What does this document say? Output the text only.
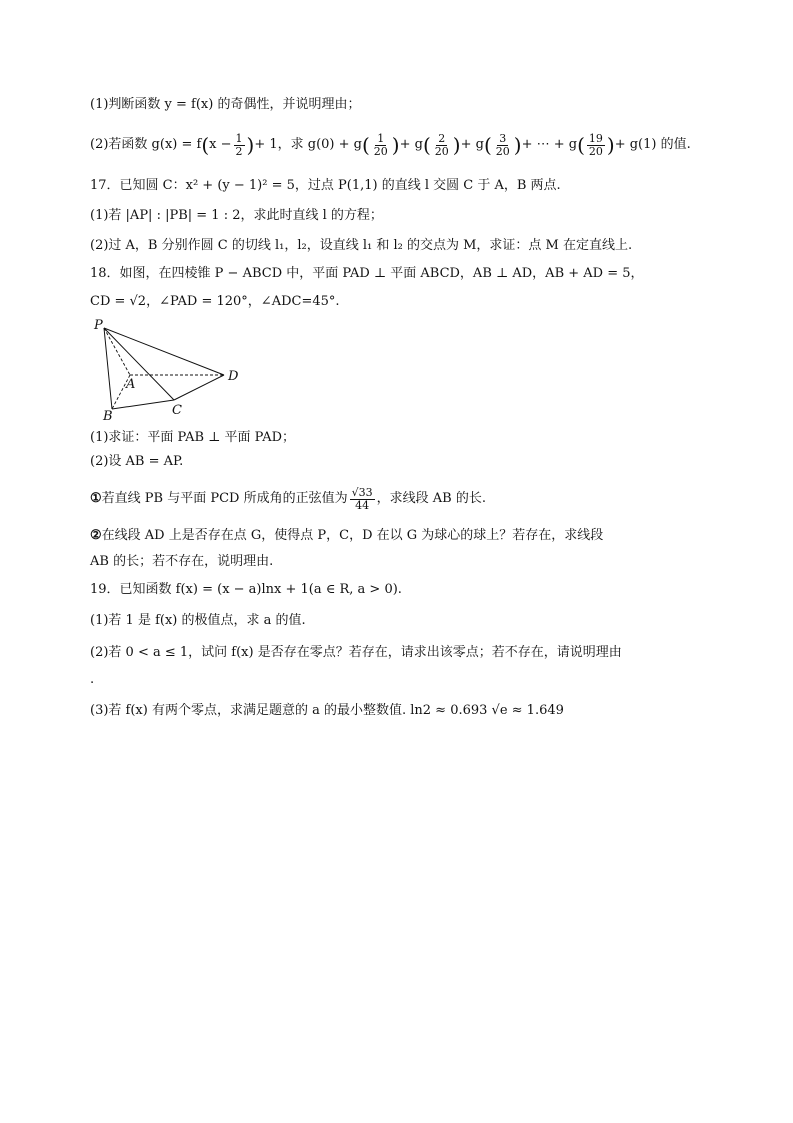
(1)判断函数 y = f(x) 的奇偶性，并说明理由；
(2)若函数 g(x) = f ( $x - \frac{1}{2}$ ) + 1，求 g(0) + g ( $\frac{1}{20}$ ) + g ( $\frac{2}{20}$ ) + g ( $\frac{3}{20}$ ) + ⋯ + g ( $\frac{19}{20}$ ) + g(1) 的值.
17．已知圆 C：x² + (y − 1)² = 5，过点 P(1,1) 的直线 l 交圆 C 于 A，B 两点.
(1)若 |AP| : |PB| = 1 : 2，求此时直线 l 的方程；
(2)过 A，B 分别作圆 C 的切线 l₁，l₂，设直线 l₁ 和 l₂ 的交点为 M，求证：点 M 在定直线上.
18．如图，在四棱锥 P − ABCD 中，平面 PAD ⊥ 平面 ABCD，AB ⊥ AD，AB + AD = 5，
CD = √2，∠PAD = 120°，∠ADC=45°.
P
A
B	C
D
(1)求证：平面 PAB ⊥ 平面 PAD；
(2)设 AB = AP.
① 若直线 PB 与平面 PCD 所成角的正弦值为 $\frac{√33}{44}$ ，求线段 AB 的长.
②在线段 AD 上是否存在点 G，使得点 P，C，D 在以 G 为球心的球上？若存在，求线段
AB 的长；若不存在，说明理由.
19．已知函数 f(x) = (x − a)lnx + 1(a ∈ R, a > 0).
(1)若 1 是 f(x) 的极值点，求 a 的值.
(2)若 0 < a ≤ 1，试问 f(x) 是否存在零点？若存在，请求出该零点；若不存在，请说明理由
.
(3)若 f(x) 有两个零点，求满足题意的 a 的最小整数值. ln2 ≈ 0.693 √e ≈ 1.649
